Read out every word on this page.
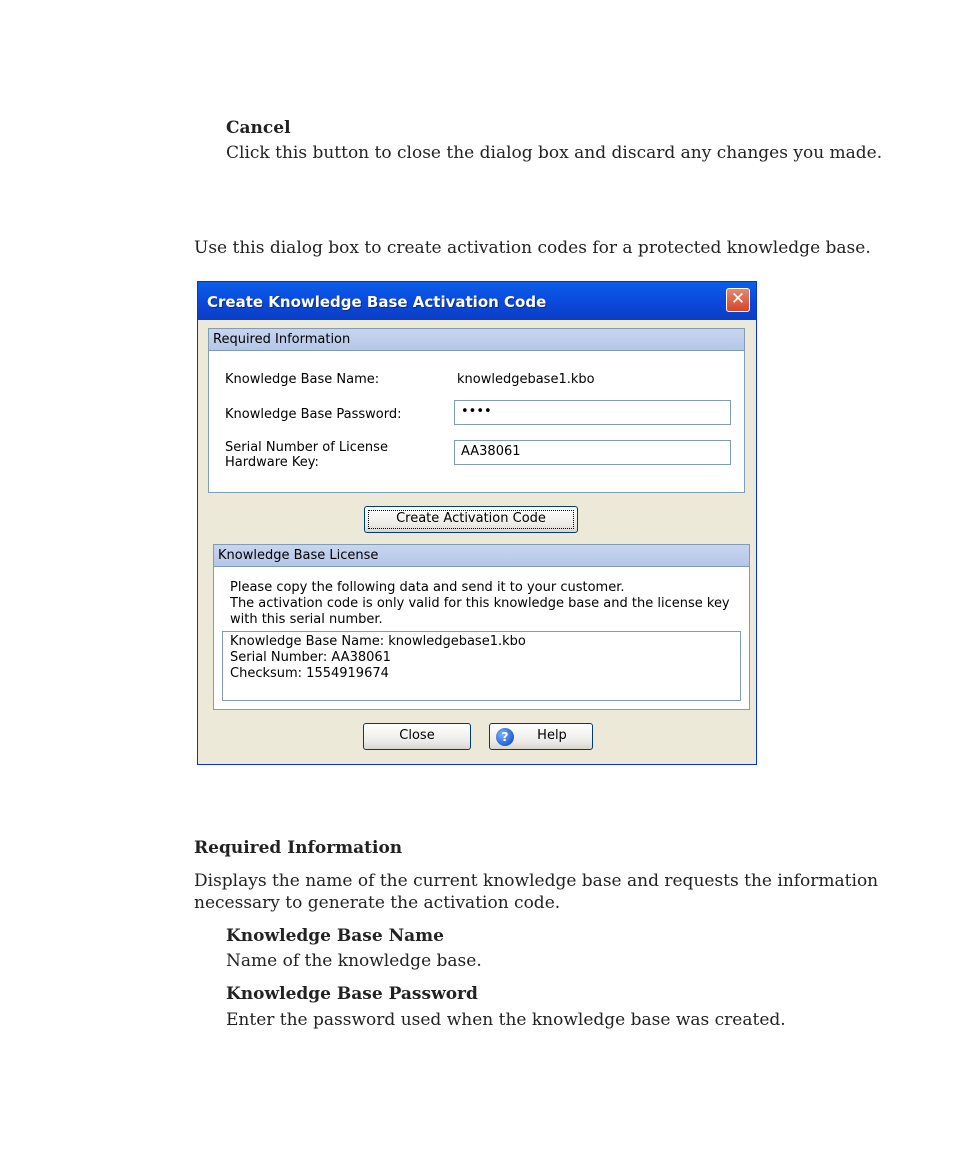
Cancel
Click this button to close the dialog box and discard any changes you made.
Use this dialog box to create activation codes for a protected knowledge base.
Create Knowledge Base Activation Code	✕
Required Information
Knowledge Base Name:	knowledgebase1.kbo
Knowledge Base Password:	••••
Serial Number of License
Hardware Key:
AA38061
Create Activation Code
Knowledge Base License
Please copy the following data and send it to your customer.
The activation code is only valid for this knowledge base and the license key
with this serial number.
Knowledge Base Name: knowledgebase1.kbo
Serial Number: AA38061
Checksum: 1554919674
Close	?	Help
Required Information
Displays the name of the current knowledge base and requests the information
necessary to generate the activation code.
Knowledge Base Name
Name of the knowledge base.
Knowledge Base Password
Enter the password used when the knowledge base was created.
